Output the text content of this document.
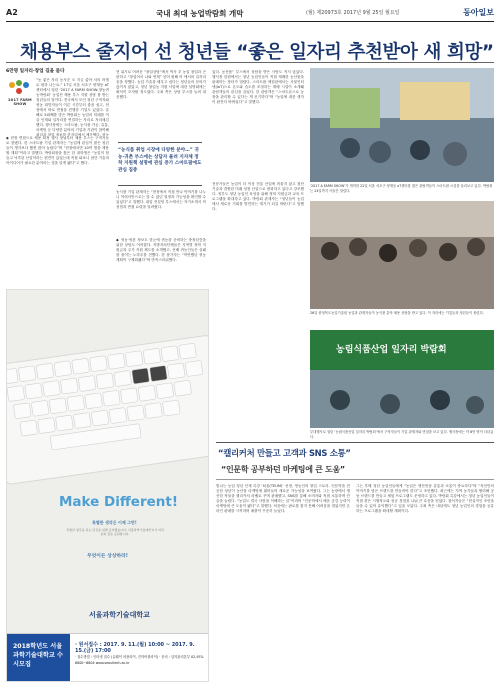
A2	국내 최대 농업박람회 개막	(월) 제20973호 2017년 9월 25일 월요일	동아일보
채용부스 줄지어 선 청년들 “좋은 일자리 추천받아 새 희망”
6만명 일자리·창업 길을 묻다
2017 FARM SHOW

“농 좋은 자리 농사꾼 오 지금 좋아 서의 어엘로 원하 나는요.” 17일 서울 서초구 양재동 aT센터에서 열린 ‘2017 A FARM SHOW-창농귀농박람회’ 농업진 채용 부스 지원 상담 를 받는 청년들의 말이다. 전국에서 모인 청년 구직자와 귀농 희망자들이 이른 시간부터 줄을 섰고, 현장에서 바로 면접을 진행한 기업도 있었다. 올해로 5회째를 맞은 박람회는 농업의 미래를 이끌 인재와 일자리를 연결하는 자리로 자리매김했다. 행사장에는 스마트팜, 농식품 가공, 유통, 마케팅 등 다양한 분야의 기업과 기관이 참여해 취업과 창업 정보를 한자리에서 제공했다. 귀농

◆ 현장 면접으로 채용 확정 행사 첫날부터 채용 부스는 구직자들로 붐볐다. 한 스마트팜 기업 관계자는 “농업에 관심이 많은 청년들이 생각보다 훨씬 많아 놀랐다”며 “현장에서만 10여 명을 채용할 계획”이라고 말했다. 박람회장을 찾은 한 대학생은 “농업이 힘들고 낙후된 산업이라는 편견이 있었는데 직접 와보니 첨단 기술과 아이디어가 필요한 분야라는 것을 알게 됐다”고 했다.

현 위기로 어려운 “창업상담”에서 역사 우 농업 창업과 곤란하고 “창업어서 나와 연계” 넣어 원해 아 에서의 일자리 꿈을 정했다. 농업 기술을 배우고 싶다는 청년들의 문의가 끊이지 않았고, 청년 창업농 지원 사업에 대한 설명회에는 좌석이 모자랄 정도였다. 주최 측은 상담 부스를 늘려 대응했다.

“농식품 취업 시장에 다양한 분야…” 귀농·귀촌 부스에는 상담자 몰려 지자체 정착 지원책 설명에 관심 증가 스마트팜에도 관심 집중

농식품 기업 관계자는 “현장에서 직접 만나 이야기를 나누니 이력서만으로는 알 수 없던 열정과 가능성을 확인할 수 있었다”고 말했다. 취업 컨설팅 부스에서는 자기소개서 작성법과 면접 요령을 알려줬다.

◆ 귀농·귀촌 정보도 한눈에 귀농을 준비하는 중장년층을 위한 상담도 이어졌다. 지방자치단체들은 지역별 정착 지원금과 주거 지원 제도를 소개했고, 선배 귀농인들은 실패를 줄이는 노하우를 전했다. 한 참가자는 “막연했던 귀농 계획이 구체화됐다”며 만족스러워했다.

있다. 농산품” 부스에서 상담을 받은 사람도 적지 않았다. 행사장 한편에서는 청년 농업인들이 직접 재배한 농산물을 판매하는 장터가 열렸다. 스마트팜 체험관에서는 사물인터넷(IoT)으로 온도와 습도를 조절하는 재배 시설이 소개돼 관람객들의 관심을 끌었다. 한 관람객은 “스마트폰으로 농장을 관리할 수 있다는 게 신기하다”며 “농업에 대한 생각이 완전히 바뀌었다”고 말했다.

전문가들은 농업이 더 이상 전통 산업에 머물지 않고 첨단 기술과 결합한 미래 성장 산업으로 변화하고 있다고 강조했다. 정부도 청년 농업인 육성을 위해 정착 지원금과 교육 프로그램을 확대하고 있다. 박람회 관계자는 “청년들이 농업에서 새로운 기회를 발견하는 계기가 되길 바란다”고 말했다.

‘2017 A FARM SHOW’가 개막한 22일 서울 서초구 양재동 aT센터를 찾은 관람객들이 스마트팜 시설을 둘러보고 있다. 박람회는 24일까지 사흘간 열렸다.
26일 충청북도농업기술원 농업과 관계자들이 농식품 분야 채용 상담을 받고 있다. 이 자리에는 기업들과 청년들이 몰렸다.
농림식품산업 일자리 박람회
부대행사로 열린 ‘농림식품산업 일자리 박람회’에서 구직자들이 기업 관계자와 면접을 보고 있다. 행사장에는 약 6만 명이 다녀갔다.
Make Different!
특별한 생각은 이제 그만!
특별한 생각을 하는 당신을 위해 준비했습니다. 서울과학기술대학교가 여러분의 꿈을 응원합니다.
무엇이든 상상하라!
서울과학기술대학교
2018학년도 서울과학기술대학교 수시모집
· 원서접수 : 2017. 9. 11.(월) 10:00 ~ 2017. 9. 15.(금) 17:00
· 접수방법 : 인터넷 접수 (유웨이 어플라이, 진학어플라이) · 문의 : 입학관리본부 02-970-6800~6804 www.seoultech.ac.kr
“캘리커처 만들고 고객과 SNS 소통”
“인문학 공부하던 마케팅에 큰 도움”

빛나는 농업 청년 인재 특강 ‘틔움(TEUM)’ 선정, 영농인의 창업 스토리. 인문학을 전공한 청년이 농산물 마케팅에 뛰어들어 새로운 가능성을 보여줬다. 그는 농장에서 생산한 작물을 캘리커처 라벨로 꾸며 판매했고, SNS를 통해 소비자와 직접 소통하며 단골을 늘렸다. “농업도 결국 사람을 이해하는 일”이라며 “인문학에서 배운 공감 능력이 마케팅에 큰 도움이 됐다”고 말했다. 처음에는 판로를 찾지 못해 어려움을 겪었지만 온라인 판매를 시작하며 매출이 꾸준히 늘었다.

그는 후배 청년 농업인들에게 “농업은 생산만큼 유통과 소통이 중요하다”며 “자신만의 이야기를 담은 브랜드를 만들어야 한다”고 조언했다. 최근에는 지역 농가들과 협력해 공동 브랜드를 만들고 체험 프로그램도 운영하고 있다. 박람회 특강에서는 청년 농업인들이 직접 겪은 시행착오와 성공 경험을 나눠 큰 호응을 얻었다. 참석자들은 “현실적인 조언을 들을 수 있어 유익했다”고 입을 모았다. 주최 측은 내년에도 청년 농업인의 경험을 공유하는 프로그램을 확대할 계획이다.
